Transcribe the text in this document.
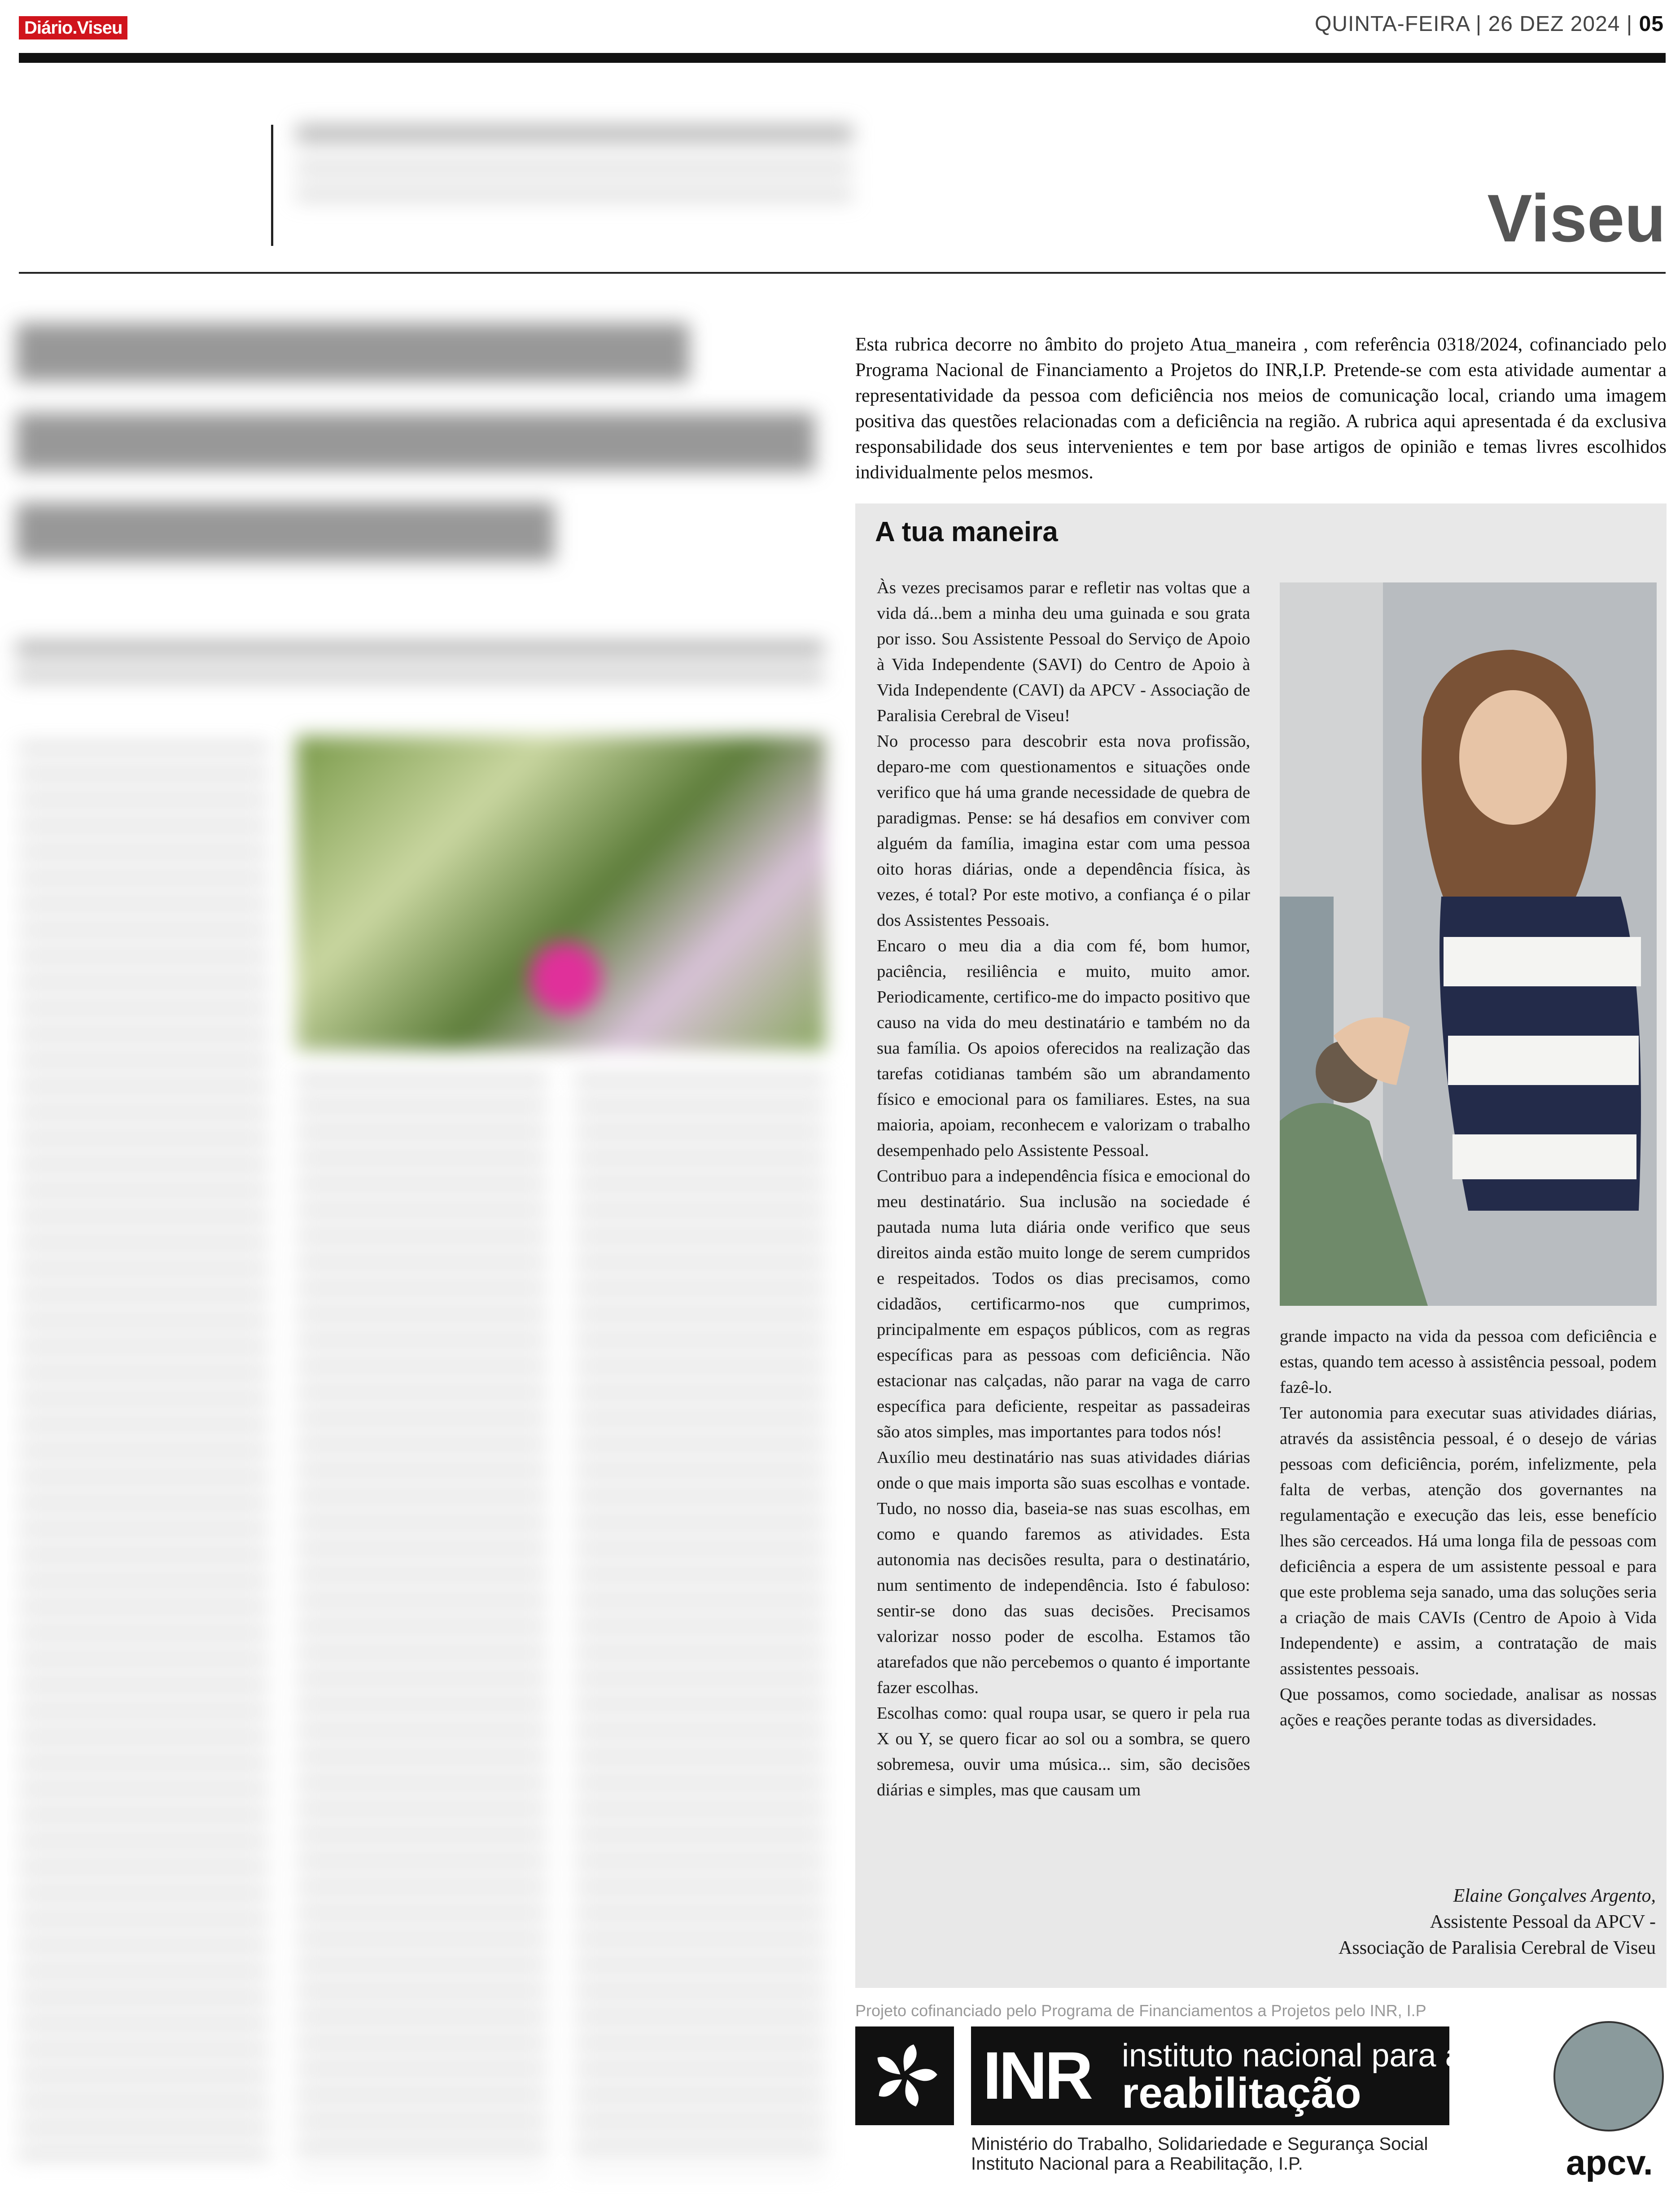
Diário.Viseu	QUINTA-FEIRA | 26 DEZ 2024 | 05
Viseu
Esta rubrica decorre no âmbito do projeto Atua_maneira , com referência 0318/2024, cofinanciado pelo Programa Nacional de Financiamento a Projetos do INR,I.P. Pretende-se com esta atividade aumentar a representatividade da pessoa com deficiência nos meios de comunicação local, criando uma imagem positiva das questões relacionadas com a deficiência na região. A rubrica aqui apresentada é da exclusiva responsabilidade dos seus intervenientes e tem por base artigos de opinião e temas livres escolhidos individualmente pelos mesmos.
A tua maneira

Às vezes precisamos parar e refletir nas voltas que a vida dá...bem a minha deu uma guinada e sou grata por isso. Sou Assistente Pessoal do Serviço de Apoio à Vida Independente (SAVI) do Centro de Apoio à Vida Independente (CAVI) da APCV - Associação de Paralisia Cerebral de Viseu!

No processo para descobrir esta nova profissão, deparo-me com questionamentos e situações onde verifico que há uma grande necessidade de quebra de paradigmas. Pense: se há desafios em conviver com alguém da família, imagina estar com uma pessoa oito horas diárias, onde a dependência física, às vezes, é total? Por este motivo, a confiança é o pilar dos Assistentes Pessoais.

Encaro o meu dia a dia com fé, bom humor, paciência, resiliência e muito, muito amor. Periodicamente, certifico-me do impacto positivo que causo na vida do meu destinatário e também no da sua família. Os apoios oferecidos na realização das tarefas cotidianas também são um abrandamento físico e emocional para os familiares. Estes, na sua maioria, apoiam, reconhecem e valorizam o trabalho desempenhado pelo Assistente Pessoal.

Contribuo para a independência física e emocional do meu destinatário. Sua inclusão na sociedade é pautada numa luta diária onde verifico que seus direitos ainda estão muito longe de serem cumpridos e respeitados. Todos os dias precisamos, como cidadãos, certificarmo-nos que cumprimos, principalmente em espaços públicos, com as regras específicas para as pessoas com deficiência. Não estacionar nas calçadas, não parar na vaga de carro específica para deficiente, respeitar as passadeiras são atos simples, mas importantes para todos nós!

Auxílio meu destinatário nas suas atividades diárias onde o que mais importa são suas escolhas e vontade. Tudo, no nosso dia, baseia-se nas suas escolhas, em como e quando faremos as atividades. Esta autonomia nas decisões resulta, para o destinatário, num sentimento de independência. Isto é fabuloso: sentir-se dono das suas decisões. Precisamos valorizar nosso poder de escolha. Estamos tão atarefados que não percebemos o quanto é importante fazer escolhas.

Escolhas como: qual roupa usar, se quero ir pela rua X ou Y, se quero ficar ao sol ou a sombra, se quero sobremesa, ouvir uma música... sim, são decisões diárias e simples, mas que causam um

grande impacto na vida da pessoa com deficiência e estas, quando tem acesso à assistência pessoal, podem fazê-lo.

Ter autonomia para executar suas atividades diárias, através da assistência pessoal, é o desejo de várias pessoas com deficiência, porém, infelizmente, pela falta de verbas, atenção dos governantes na regulamentação e execução das leis, esse benefício lhes são cerceados. Há uma longa fila de pessoas com deficiência a espera de um assistente pessoal e para que este problema seja sanado, uma das soluções seria a criação de mais CAVIs (Centro de Apoio à Vida Independente) e assim, a contratação de mais assistentes pessoais.

Que possamos, como sociedade, analisar as nossas ações e reações perante todas as diversidades.

Elaine Gonçalves Argento,
Assistente Pessoal da APCV -
Associação de Paralisia Cerebral de Viseu
Projeto cofinanciado pelo Programa de Financiamentos a Projetos pelo INR, I.P
INR instituto nacional para a
reabilitação
Ministério do Trabalho, Solidariedade e Segurança Social
Instituto Nacional para a Reabilitação, I.P.	apcv.
